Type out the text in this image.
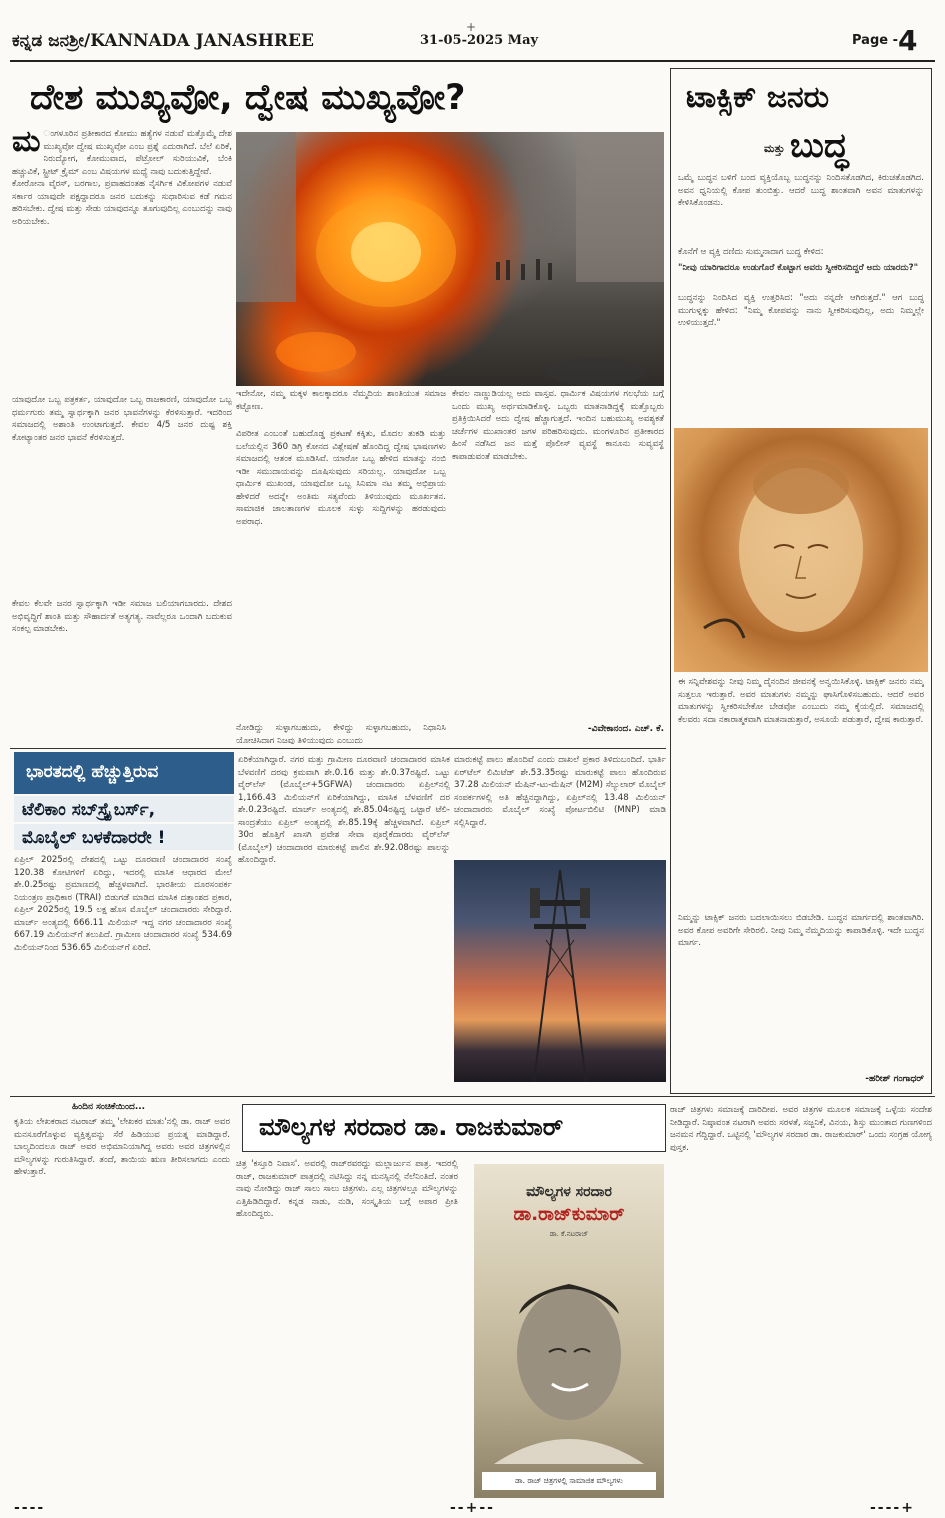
ಕನ್ನಡ ಜನಶ್ರೀ/KANNADA JANASHREE	31-05-2025 May	Page - 4
+
ದೇಶ ಮುಖ್ಯವೋ, ದ್ವೇಷ ಮುಖ್ಯವೋ?
ಮ ಂಗಳೂರಿನ ಪ್ರತೀಕಾರದ ಕೋಮು ಹತ್ಯೆಗಳ ನಡುವೆ ಮತ್ತೊಮ್ಮೆ ದೇಶ ಮುಖ್ಯವೋ ದ್ವೇಷ ಮುಖ್ಯವೋ ಎಂಬ ಪ್ರಶ್ನೆ ಎದುರಾಗಿದೆ. ಬೆಲೆ ಏರಿಕೆ, ನಿರುದ್ಯೋಗ, ಕೋಮುವಾದ, ಪೆಟ್ರೋಲ್ ಸುರಿಯುವಿಕೆ, ಬೆಂಕಿ ಹಚ್ಚುವಿಕೆ, ಸ್ಟ್ರೀಟ್ ಕ್ರೈಮ್ ಎಂಬ ವಿಷಯಗಳ ಮಧ್ಯೆ ನಾವು ಬದುಕುತ್ತಿದ್ದೇವೆ.
ಕೋರೋನಾ ವೈರಸ್, ಬರಗಾಲ, ಪ್ರವಾಹದಂತಹ ನೈಸರ್ಗಿಕ ವಿಕೋಪಗಳ ನಡುವೆ ಸರ್ಕಾರ ಯಾವುದೇ ಪಕ್ಷದ್ದಾದರೂ ಜನರ ಬದುಕನ್ನು ಸುಧಾರಿಸುವ ಕಡೆ ಗಮನ ಹರಿಸಬೇಕು. ದ್ವೇಷ ಮತ್ತು ಸೇಡು ಯಾವುದನ್ನೂ ತೂಗುವುದಿಲ್ಲ ಎಂಬುದನ್ನು ನಾವು ಅರಿಯಬೇಕು.
ಯಾವುದೋ ಒಬ್ಬ ಪತ್ರಕರ್ತ, ಯಾವುದೋ ಒಬ್ಬ ರಾಜಕಾರಣಿ, ಯಾವುದೋ ಒಬ್ಬ ಧರ್ಮಗುರು ತಮ್ಮ ಸ್ವಾರ್ಥಕ್ಕಾಗಿ ಜನರ ಭಾವನೆಗಳನ್ನು ಕೆರಳಿಸುತ್ತಾರೆ. ಇದರಿಂದ ಸಮಾಜದಲ್ಲಿ ಅಶಾಂತಿ ಉಂಟಾಗುತ್ತದೆ. ಕೇವಲ 4/5 ಜನರ ದುಷ್ಟ ಶಕ್ತಿ ಕೋಟ್ಯಾಂತರ ಜನರ ಭಾವನೆ ಕೆರಳಿಸುತ್ತದೆ.
ಕೇವಲ ಕೆಲವೇ ಜನರ ಸ್ವಾರ್ಥಕ್ಕಾಗಿ ಇಡೀ ಸಮಾಜ ಬಲಿಯಾಗಬಾರದು. ದೇಶದ ಅಭಿವೃದ್ಧಿಗೆ ಶಾಂತಿ ಮತ್ತು ಸೌಹಾರ್ದತೆ ಅತ್ಯಗತ್ಯ. ನಾವೆಲ್ಲರೂ ಒಂದಾಗಿ ಬದುಕುವ ಸಂಕಲ್ಪ ಮಾಡಬೇಕು.
ಇದೇನೋ, ನಮ್ಮ ಮಕ್ಕಳ ಕಾಲಕ್ಕಾದರೂ ನೆಮ್ಮದಿಯ ಶಾಂತಿಯುತ ಸಮಾಜ ಕಟ್ಟೋಣ.
ವಿಪರೀತ ಎಂಬಂತೆ ಬಹುದೊಡ್ಡ ಪ್ರಕಟಣೆ ಕಕ್ಕಿತು, ಮೊದಲ ತುಕಡಿ ಮತ್ತು ಬಲೆಯಲ್ಲಿನ 360 ಡಿಗ್ರಿ ಕೋನದ ವಿಶ್ಲೇಷಣೆ ಹೊಂದಿದ್ದ ದ್ವೇಷ ಭಾಷಣಗಳು ಸಮಾಜದಲ್ಲಿ ಆತಂಕ ಮೂಡಿಸಿವೆ. ಯಾರೋ ಒಬ್ಬ ಹೇಳಿದ ಮಾತನ್ನು ನಂಬಿ ಇಡೀ ಸಮುದಾಯವನ್ನು ದೂಷಿಸುವುದು ಸರಿಯಲ್ಲ. ಯಾವುದೋ ಒಬ್ಬ ಧಾರ್ಮಿಕ ಮುಖಂಡ, ಯಾವುದೋ ಒಬ್ಬ ಸಿನಿಮಾ ನಟ ತಮ್ಮ ಅಭಿಪ್ರಾಯ ಹೇಳಿದರೆ ಅದನ್ನೇ ಅಂತಿಮ ಸತ್ಯವೆಂದು ತಿಳಿಯುವುದು ಮೂರ್ಖತನ. ಸಾಮಾಜಿಕ ಜಾಲತಾಣಗಳ ಮೂಲಕ ಸುಳ್ಳು ಸುದ್ದಿಗಳನ್ನು ಹರಡುವುದು ಅಪರಾಧ.
ನೋಡಿದ್ದು ಸುಳ್ಳಾಗಬಹುದು, ಕೇಳಿದ್ದು ಸುಳ್ಳಾಗಬಹುದು, ನಿಧಾನಿಸಿ ಯೋಚಿಸಿದಾಗ ನಿಜವು ತಿಳಿಯುವುದು ಎಂಬುದು
ಕೇವಲ ನಾಣ್ಣುಡಿಯಲ್ಲ ಅದು ವಾಸ್ತವ. ಧಾರ್ಮಿಕ ವಿಷಯಗಳ ಗಲಭೆಯ ಬಗ್ಗೆ ಒಂದು ಮುಖ್ಯ ಅರ್ಥಮಾಡಿಕೊಳ್ಳಿ. ಒಬ್ಬರು ಮಾತನಾಡಿದ್ದಕ್ಕೆ ಮತ್ತೊಬ್ಬರು ಪ್ರತಿಕ್ರಿಯಿಸಿದರೆ ಅದು ದ್ವೇಷ ಹೆಚ್ಚಾಗುತ್ತದೆ. ಇಂದಿನ ಬಹುಮುಖ್ಯ ಅವಶ್ಯಕತೆ ಚರ್ಚೆಗಳ ಮುಖಾಂತರ ಜಗಳ ಪರಿಹರಿಸುವುದು. ಮಂಗಳೂರಿನ ಪ್ರತೀಕಾರದ ಹಿಂಸೆ ನಡೆಸಿದ ಜನ ಮತ್ತೆ ಪೊಲೀಸ್ ವ್ಯವಸ್ಥೆ ಕಾನೂನು ಸುವ್ಯವಸ್ಥೆ ಕಾಪಾಡುವಂತೆ ಮಾಡಬೇಕು.
-ವಿವೇಕಾನಂದ. ಎಚ್. ಕೆ.
ಟಾಕ್ಸಿಕ್ ಜನರು
ಮತ್ತು ಬುದ್ಧ
ಒಮ್ಮೆ ಬುದ್ಧನ ಬಳಿಗೆ ಬಂದ ವ್ಯಕ್ತಿಯೊಬ್ಬ ಬುದ್ಧನನ್ನು ನಿಂದಿಸತೊಡಗಿದ, ಕಿರುಚತೊಡಗಿದ. ಅವನ ಧ್ವನಿಯಲ್ಲಿ ಕೋಪ ತುಂಬಿತ್ತು. ಆದರೆ ಬುದ್ಧ ಶಾಂತವಾಗಿ ಅವನ ಮಾತುಗಳನ್ನು ಕೇಳಿಸಿಕೊಂಡನು.
ಕೊನೆಗೆ ಆ ವ್ಯಕ್ತಿ ದಣಿದು ಸುಮ್ಮನಾದಾಗ ಬುದ್ಧ ಕೇಳಿದ:
"ನೀವು ಯಾರಿಗಾದರೂ ಉಡುಗೊರೆ ಕೊಟ್ಟಾಗ ಅವರು ಸ್ವೀಕರಿಸದಿದ್ದರೆ ಅದು ಯಾರದು?"
ಬುದ್ಧನನ್ನು ನಿಂದಿಸಿದ ವ್ಯಕ್ತಿ ಉತ್ತರಿಸಿದ: "ಅದು ನನ್ನದೇ ಆಗಿರುತ್ತದೆ." ಆಗ ಬುದ್ಧ ಮುಗುಳ್ನಕ್ಕು ಹೇಳಿದ: "ನಿಮ್ಮ ಕೋಪವನ್ನು ನಾನು ಸ್ವೀಕರಿಸುವುದಿಲ್ಲ, ಅದು ನಿಮ್ಮಲ್ಲೇ ಉಳಿಯುತ್ತದೆ."
ಈ ಸನ್ನಿವೇಶವನ್ನು ನೀವು ನಿಮ್ಮ ದೈನಂದಿನ ಜೀವನಕ್ಕೆ ಅನ್ವಯಿಸಿಕೊಳ್ಳಿ. ಟಾಕ್ಸಿಕ್ ಜನರು ನಮ್ಮ ಸುತ್ತಲೂ ಇರುತ್ತಾರೆ. ಅವರ ಮಾತುಗಳು ನಮ್ಮನ್ನು ಘಾಸಿಗೊಳಿಸಬಹುದು. ಆದರೆ ಅವರ ಮಾತುಗಳನ್ನು ಸ್ವೀಕರಿಸಬೇಕೋ ಬೇಡವೋ ಎಂಬುದು ನಮ್ಮ ಕೈಯಲ್ಲಿದೆ. ಸಮಾಜದಲ್ಲಿ ಕೆಲವರು ಸದಾ ನಕಾರಾತ್ಮಕವಾಗಿ ಮಾತನಾಡುತ್ತಾರೆ, ಅಸೂಯೆ ಪಡುತ್ತಾರೆ, ದ್ವೇಷ ಕಾರುತ್ತಾರೆ.
ನಿಮ್ಮನ್ನು ಟಾಕ್ಸಿಕ್ ಜನರು ಬದಲಾಯಿಸಲು ಬಿಡಬೇಡಿ. ಬುದ್ಧನ ಮಾರ್ಗದಲ್ಲಿ ಶಾಂತವಾಗಿರಿ. ಅವರ ಕೋಪ ಅವರಿಗೇ ಸೇರಿರಲಿ. ನೀವು ನಿಮ್ಮ ನೆಮ್ಮದಿಯನ್ನು ಕಾಪಾಡಿಕೊಳ್ಳಿ. ಇದೇ ಬುದ್ಧನ ಮಾರ್ಗ.
-ಹರೀಶ್ ಗಂಗಾಧರ್
ಭಾರತದಲ್ಲಿ ಹೆಚ್ಚುತ್ತಿರುವ
ಟೆಲಿಕಾಂ ಸಬ್‌ಸ್ಕ್ರೈಬರ್ಸ್,
ಮೊಬೈಲ್ ಬಳಕೆದಾರರೇ !
ಏಪ್ರಿಲ್ 2025ರಲ್ಲಿ ದೇಶದಲ್ಲಿ ಒಟ್ಟು ದೂರವಾಣಿ ಚಂದಾದಾರರ ಸಂಖ್ಯೆ 120.38 ಕೋಟಿಗಳಿಗೆ ಏರಿದ್ದು, ಇದರಲ್ಲಿ ಮಾಸಿಕ ಆಧಾರದ ಮೇಲೆ ಶೇ.0.25ರಷ್ಟು ಪ್ರಮಾಣದಲ್ಲಿ ಹೆಚ್ಚಳವಾಗಿದೆ. ಭಾರತೀಯ ದೂರಸಂಪರ್ಕ ನಿಯಂತ್ರಣ ಪ್ರಾಧಿಕಾರ (TRAI) ಬಿಡುಗಡೆ ಮಾಡಿದ ಮಾಸಿಕ ದತ್ತಾಂಶದ ಪ್ರಕಾರ, ಏಪ್ರಿಲ್ 2025ರಲ್ಲಿ 19.5 ಲಕ್ಷ ಹೊಸ ಮೊಬೈಲ್ ಚಂದಾದಾರರು ಸೇರಿದ್ದಾರೆ. ಮಾರ್ಚ್ ಅಂತ್ಯದಲ್ಲಿ 666.11 ಮಿಲಿಯನ್ ಇದ್ದ ನಗರ ಚಂದಾದಾರರ ಸಂಖ್ಯೆ 667.19 ಮಿಲಿಯನ್‌ಗೆ ತಲುಪಿದೆ. ಗ್ರಾಮೀಣ ಚಂದಾದಾರರ ಸಂಖ್ಯೆ 534.69 ಮಿಲಿಯನ್‌ನಿಂದ 536.65 ಮಿಲಿಯನ್‌ಗೆ ಏರಿದೆ.
ಏರಿಕೆಯಾಗಿದ್ದಾರೆ. ನಗರ ಮತ್ತು ಗ್ರಾಮೀಣ ದೂರವಾಣಿ ಚಂದಾದಾರರ ಮಾಸಿಕ ಬೆಳವಣಿಗೆ ದರವು ಕ್ರಮವಾಗಿ ಶೇ.0.16 ಮತ್ತು ಶೇ.0.37ರಷ್ಟಿದೆ. ಒಟ್ಟು ವೈರ್‌ಲೆಸ್ (ಮೊಬೈಲ್+5GFWA) ಚಂದಾದಾರರು ಏಪ್ರಿಲ್‌ನಲ್ಲಿ 1,166.43 ಮಿಲಿಯನ್‌ಗೆ ಏರಿಕೆಯಾಗಿದ್ದು, ಮಾಸಿಕ ಬೆಳವಣಿಗೆ ದರ ಶೇ.0.23ರಷ್ಟಿದೆ. ಮಾರ್ಚ್ ಅಂತ್ಯದಲ್ಲಿ ಶೇ.85.04ರಷ್ಟಿದ್ದ ಒಟ್ಟಾರೆ ಟೆಲಿ-ಸಾಂದ್ರತೆಯು ಏಪ್ರಿಲ್ ಅಂತ್ಯದಲ್ಲಿ ಶೇ.85.19ಕ್ಕೆ ಹೆಚ್ಚಳವಾಗಿದೆ. ಏಪ್ರಿಲ್ 30ರ ಹೊತ್ತಿಗೆ ಖಾಸಗಿ ಪ್ರವೇಶ ಸೇವಾ ಪೂರೈಕೆದಾರರು ವೈರ್‌ಲೆಸ್ (ಮೊಬೈಲ್) ಚಂದಾದಾರರ ಮಾರುಕಟ್ಟೆ ಪಾಲಿನ ಶೇ.92.08ರಷ್ಟು ಪಾಲನ್ನು ಹೊಂದಿದ್ದಾರೆ.
ಮಾರುಕಟ್ಟೆ ಪಾಲು ಹೊಂದಿವೆ ಎಂದು ದಾಖಲೆ ಪ್ರಕಾರ ತಿಳಿದುಬಂದಿದೆ. ಭಾರ್ತಿ ಏರ್‌ಟೆಲ್ ಲಿಮಿಟೆಡ್ ಶೇ.53.35ರಷ್ಟು ಮಾರುಕಟ್ಟೆ ಪಾಲು ಹೊಂದಿರುವ 37.28 ಮಿಲಿಯನ್ ಮೆಷಿನ್-ಟು-ಮೆಷಿನ್ (M2M) ಸೆಲ್ಯುಲಾರ್ ಮೊಬೈಲ್ ಸಂಪರ್ಕಗಳಲ್ಲಿ ಅತಿ ಹೆಚ್ಚಿನದ್ದಾಗಿದ್ದು, ಏಪ್ರಿಲ್‌ನಲ್ಲಿ 13.48 ಮಿಲಿಯನ್ ಚಂದಾದಾರರು ಮೊಬೈಲ್ ಸಂಖ್ಯೆ ಪೋರ್ಟಬಿಲಿಟಿ (MNP) ಮಾಡಿ ಸಲ್ಲಿಸಿದ್ದಾರೆ.
ಹಿಂದಿನ ಸಂಚಿಕೆಯಿಂದ...
ಕೃತಿಯ ಲೇಖಕರಾದ ನಟರಾಜ್ ತಮ್ಮ 'ಲೇಖಕರ ಮಾತು'ನಲ್ಲಿ ಡಾ. ರಾಜ್ ಅವರ ಮನಸೂರೆಗೊಳ್ಳುವ ವ್ಯಕ್ತಿತ್ವವನ್ನು ಸೆರೆ ಹಿಡಿಯುವ ಪ್ರಯತ್ನ ಮಾಡಿದ್ದಾರೆ. ಬಾಲ್ಯದಿಂದಲೂ ರಾಜ್ ಅವರ ಅಭಿಮಾನಿಯಾಗಿದ್ದ ಅವರು ಅವರ ಚಿತ್ರಗಳಲ್ಲಿನ ಮೌಲ್ಯಗಳನ್ನು ಗುರುತಿಸಿದ್ದಾರೆ. ತಂದೆ, ತಾಯಿಯ ಋಣ ತೀರಿಸಲಾಗದು ಎಂದು ಹೇಳುತ್ತಾರೆ.
ಮೌಲ್ಯಗಳ ಸರದಾರ ಡಾ. ರಾಜಕುಮಾರ್
ಚಿತ್ರ 'ಕಸ್ತೂರಿ ನಿವಾಸ'. ಅವರಲ್ಲಿ ರಾಜ್‌ರವರದ್ದು ಮಲ್ಲಾರ್ಜುನ ಪಾತ್ರ. ಇದರಲ್ಲಿ ರಾಜ್, ರಾಜಕುಮಾರ್ ಪಾತ್ರದಲ್ಲಿ ನಟಿಸಿದ್ದು ನನ್ನ ಮನಸ್ಸಿನಲ್ಲಿ ನೆಲೆನಿಂತಿದೆ. ನಂತರ ನಾವು ನೋಡಿದ್ದು ರಾಜ್ ಸಾಲು ಸಾಲು ಚಿತ್ರಗಳು. ಎಲ್ಲ ಚಿತ್ರಗಳಲ್ಲೂ ಮೌಲ್ಯಗಳನ್ನು ಎತ್ತಿಹಿಡಿದಿದ್ದಾರೆ. ಕನ್ನಡ ನಾಡು, ನುಡಿ, ಸಂಸ್ಕೃತಿಯ ಬಗ್ಗೆ ಅಪಾರ ಪ್ರೀತಿ ಹೊಂದಿದ್ದರು.
ಮೌಲ್ಯಗಳ ಸರದಾರ
ಡಾ.ರಾಜ್‌ಕುಮಾರ್
ಡಾ. ಕೆ.ನಟರಾಜ್
ಡಾ. ರಾಜ್ ಚಿತ್ರಗಳಲ್ಲಿ ಸಾಮಾಜಿಕ ಮೌಲ್ಯಗಳು
ರಾಜ್ ಚಿತ್ರಗಳು ಸಮಾಜಕ್ಕೆ ದಾರಿದೀಪ. ಅವರ ಚಿತ್ರಗಳ ಮೂಲಕ ಸಮಾಜಕ್ಕೆ ಒಳ್ಳೆಯ ಸಂದೇಶ ನೀಡಿದ್ದಾರೆ. ನಿಷ್ಠಾವಂತ ನಟರಾಗಿ ಅವರು ಸರಳತೆ, ಸಜ್ಜನಿಕೆ, ವಿನಯ, ಶಿಸ್ತು ಮುಂತಾದ ಗುಣಗಳಿಂದ ಜನಮನ ಗೆದ್ದಿದ್ದಾರೆ. ಒಟ್ಟಿನಲ್ಲಿ 'ಮೌಲ್ಯಗಳ ಸರದಾರ ಡಾ. ರಾಜಕುಮಾರ್' ಒಂದು ಸಂಗ್ರಹ ಯೋಗ್ಯ ಪುಸ್ತಕ.
----	--+--	----+
